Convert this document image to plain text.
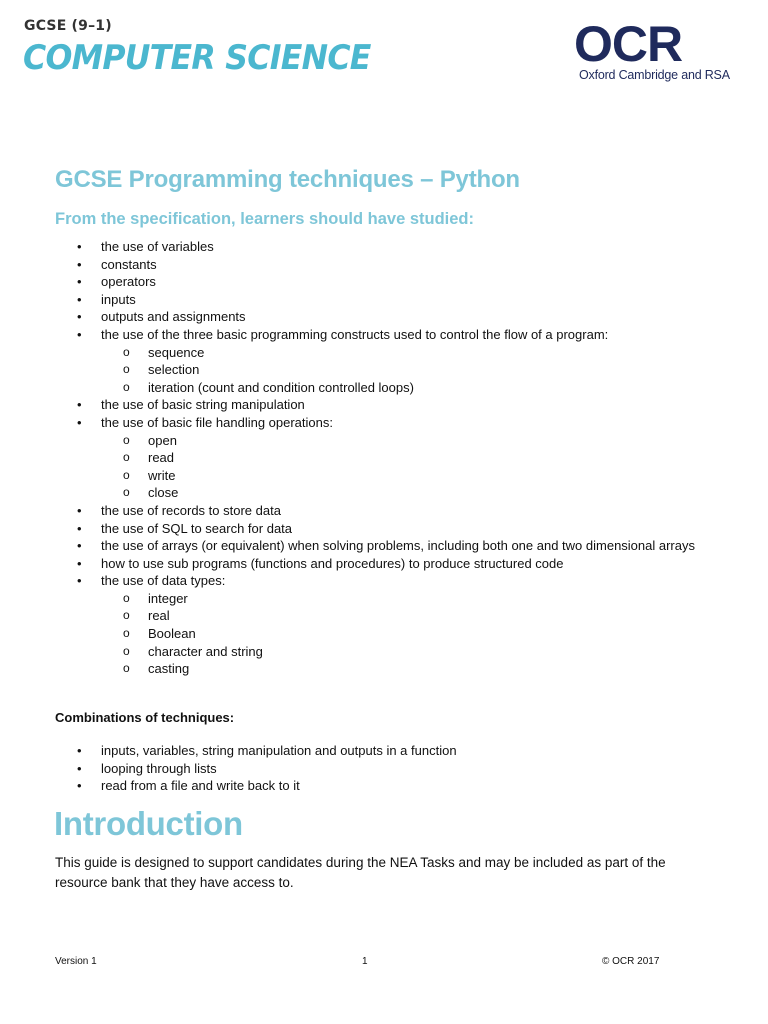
GCSE (9–1)
COMPUTER SCIENCE	OCR
Oxford Cambridge and RSA
GCSE Programming techniques – Python
From the specification, learners should have studied:
• the use of variables
• constants
• operators
• inputs
• outputs and assignments
• the use of the three basic programming constructs used to control the flow of a program:
o sequence
o selection
o iteration (count and condition controlled loops)
• the use of basic string manipulation
• the use of basic file handling operations:
o open
o read
o write
o close
• the use of records to store data
• the use of SQL to search for data
• the use of arrays (or equivalent) when solving problems, including both one and two dimensional arrays
• how to use sub programs (functions and procedures) to produce structured code
• the use of data types:
o integer
o real
o Boolean
o character and string
o casting
Combinations of techniques:
• inputs, variables, string manipulation and outputs in a function
• looping through lists
• read from a file and write back to it
Introduction

This guide is designed to support candidates during the NEA Tasks and may be included as part of the resource bank that they have access to.

Version 1	1	© OCR 2017
